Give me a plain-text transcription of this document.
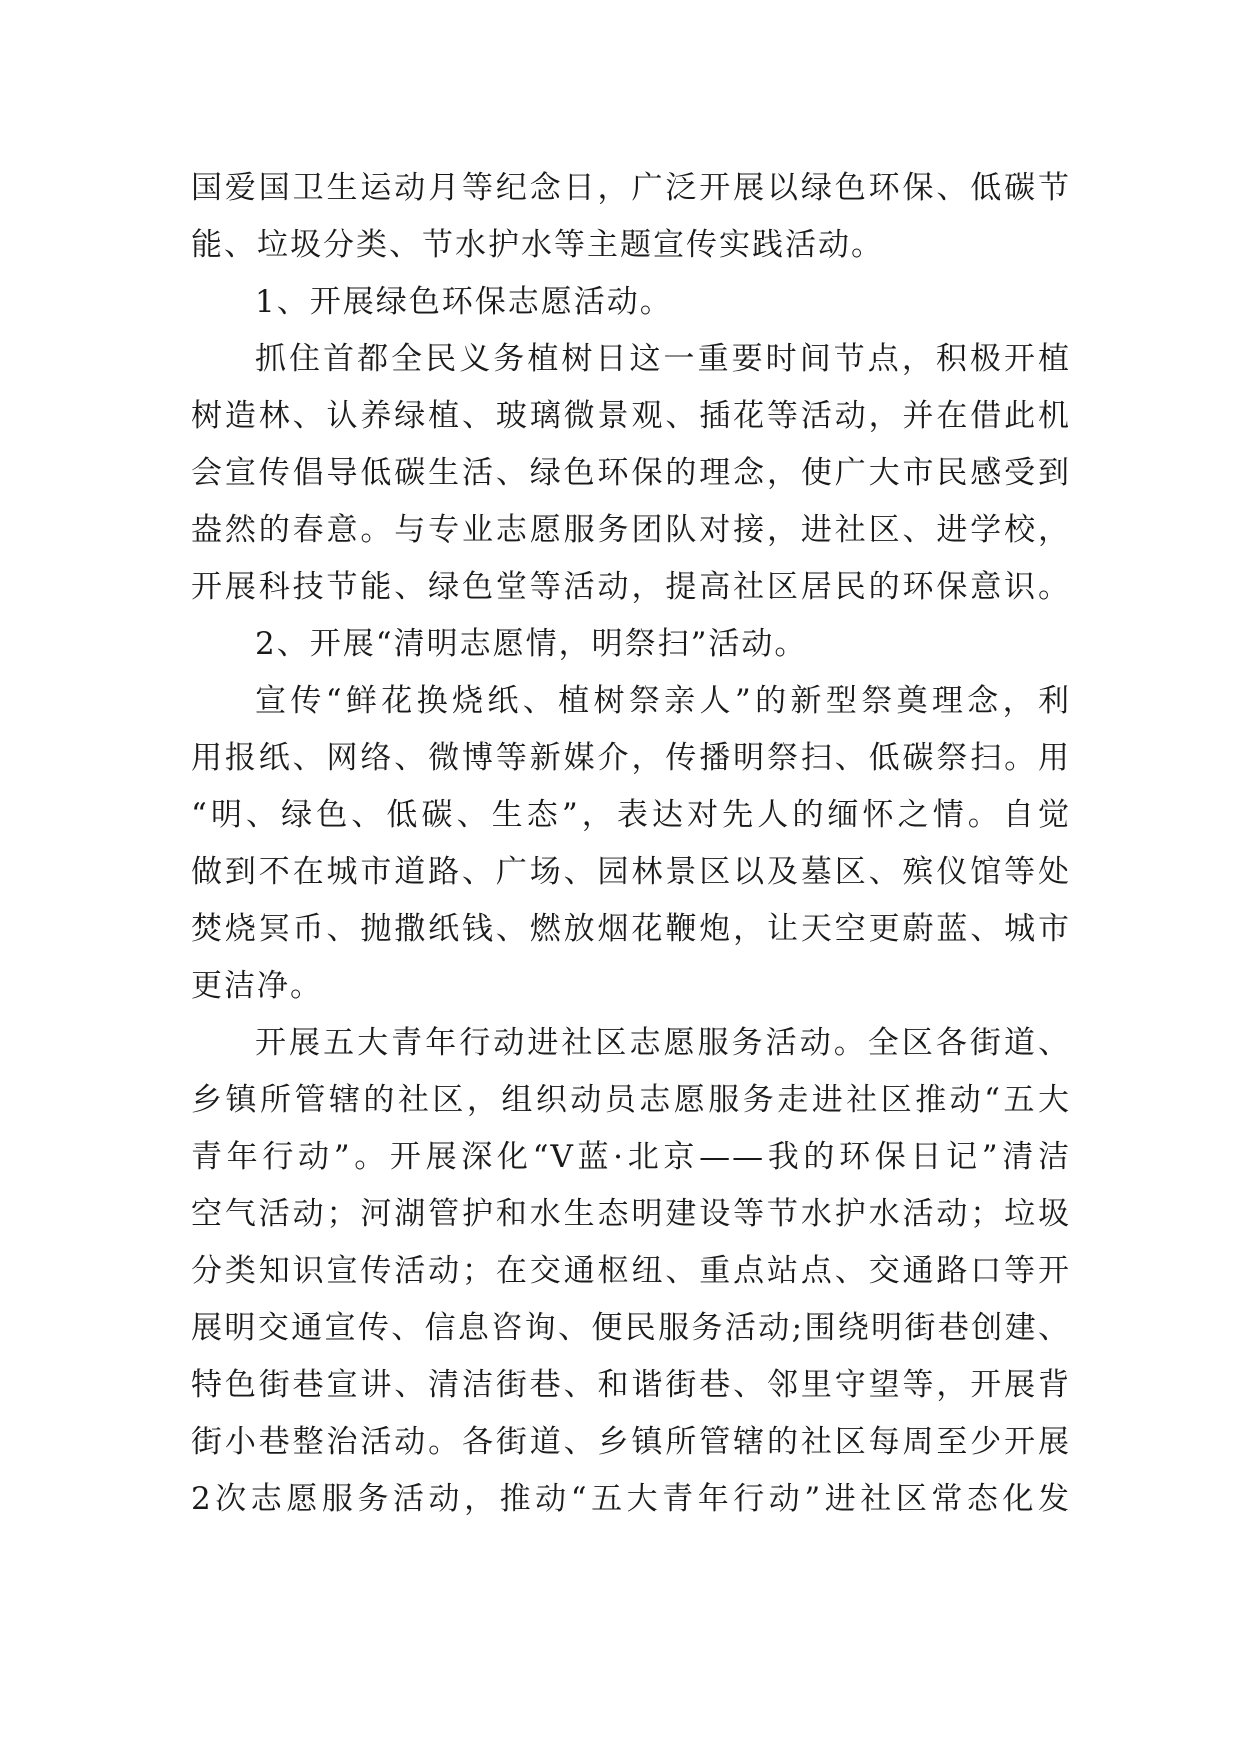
国爱国卫生运动月等纪念日，广泛开展以绿色环保、低碳节
能、垃圾分类、节水护水等主题宣传实践活动。
1、开展绿色环保志愿活动。
抓住首都全民义务植树日这一重要时间节点，积极开植
树造林、认养绿植、玻璃微景观、插花等活动，并在借此机
会宣传倡导低碳生活、绿色环保的理念，使广大市民感受到
盎然的春意。与专业志愿服务团队对接，进社区、进学校，
开展科技节能、绿色堂等活动，提高社区居民的环保意识。
2、开展“清明志愿情，明祭扫”活动。
宣传“鲜花换烧纸、植树祭亲人”的新型祭奠理念，利
用报纸、网络、微博等新媒介，传播明祭扫、低碳祭扫。用
“明、绿色、低碳、生态”，表达对先人的缅怀之情。自觉
做到不在城市道路、广场、园林景区以及墓区、殡仪馆等处
焚烧冥币、抛撒纸钱、燃放烟花鞭炮，让天空更蔚蓝、城市
更洁净。
开展五大青年行动进社区志愿服务活动。全区各街道、
乡镇所管辖的社区，组织动员志愿服务走进社区推动“五大
青年行动”。开展深化“V蓝·北京——我的环保日记”清洁
空气活动；河湖管护和水生态明建设等节水护水活动；垃圾
分类知识宣传活动；在交通枢纽、重点站点、交通路口等开
展明交通宣传、信息咨询、便民服务活动;围绕明街巷创建、
特色街巷宣讲、清洁街巷、和谐街巷、邻里守望等，开展背
街小巷整治活动。各街道、乡镇所管辖的社区每周至少开展
2次志愿服务活动，推动“五大青年行动”进社区常态化发
